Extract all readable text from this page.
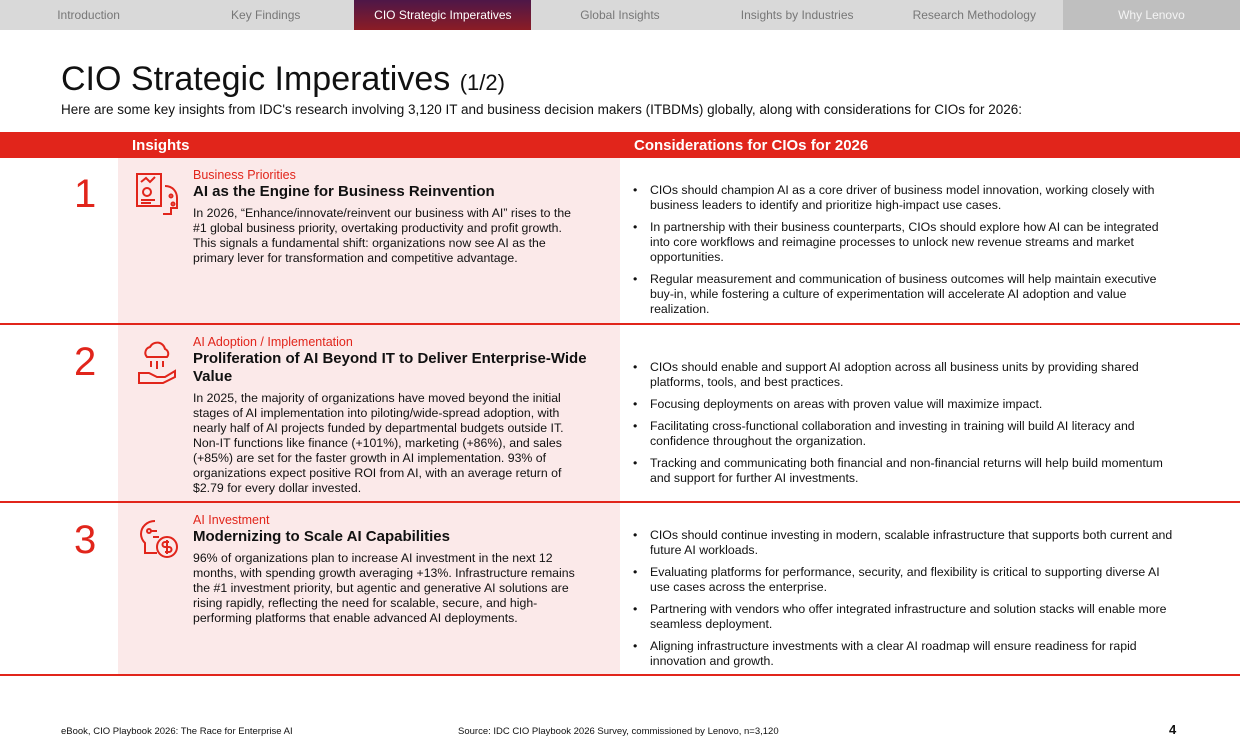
Introduction	Key Findings	CIO Strategic Imperatives	Global Insights	Insights by Industries	Research Methodology	Why Lenovo
CIO Strategic Imperatives (1/2)
Here are some key insights from IDC's research involving 3,120 IT and business decision makers (ITBDMs) globally, along with considerations for CIOs for 2026:
Insights	Considerations for CIOs for 2026
1	Business Priorities
AI as the Engine for Business Reinvention
In 2026, “Enhance/innovate/reinvent our business with AI” rises to the #1 global business priority, overtaking productivity and profit growth. This signals a fundamental shift: organizations now see AI as the primary lever for transformation and competitive advantage.
• CIOs should champion AI as a core driver of business model innovation, working closely with business leaders to identify and prioritize high-impact use cases.
• In partnership with their business counterparts, CIOs should explore how AI can be integrated into core workflows and reimagine processes to unlock new revenue streams and market opportunities.
• Regular measurement and communication of business outcomes will help maintain executive buy-in, while fostering a culture of experimentation will accelerate AI adoption and value realization.
2	AI Adoption / Implementation
Proliferation of AI Beyond IT to Deliver Enterprise-Wide Value
In 2025, the majority of organizations have moved beyond the initial stages of AI implementation into piloting/wide-spread adoption, with nearly half of AI projects funded by departmental budgets outside IT. Non-IT functions like finance (+101%), marketing (+86%), and sales (+85%) are set for the faster growth in AI implementation. 93% of organizations expect positive ROI from AI, with an average return of $2.79 for every dollar invested.
• CIOs should enable and support AI adoption across all business units by providing shared platforms, tools, and best practices.
• Focusing deployments on areas with proven value will maximize impact.
• Facilitating cross-functional collaboration and investing in training will build AI literacy and confidence throughout the organization.
• Tracking and communicating both financial and non-financial returns will help build momentum and support for further AI investments.
3	AI Investment
Modernizing to Scale AI Capabilities
96% of organizations plan to increase AI investment in the next 12 months, with spending growth averaging +13%. Infrastructure remains the #1 investment priority, but agentic and generative AI solutions are rising rapidly, reflecting the need for scalable, secure, and high-performing platforms that enable advanced AI deployments.
• CIOs should continue investing in modern, scalable infrastructure that supports both current and future AI workloads.
• Evaluating platforms for performance, security, and flexibility is critical to supporting diverse AI use cases across the enterprise.
• Partnering with vendors who offer integrated infrastructure and solution stacks will enable more seamless deployment.
• Aligning infrastructure investments with a clear AI roadmap will ensure readiness for rapid innovation and growth.
eBook, CIO Playbook 2026: The Race for Enterprise AI	Source: IDC CIO Playbook 2026 Survey, commissioned by Lenovo, n=3,120	4
